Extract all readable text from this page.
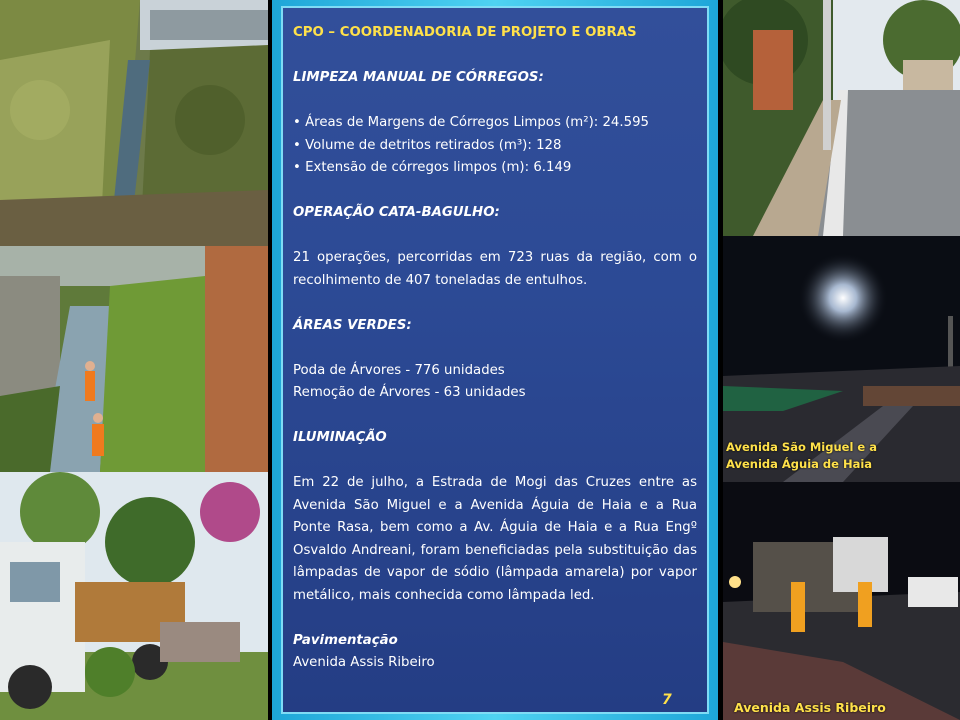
CPO – COORDENADORIA DE PROJETO E OBRAS

LIMPEZA MANUAL DE CÓRREGOS:

• Áreas de Margens de Córregos Limpos (m²): 24.595

• Volume de detritos retirados (m³): 128

• Extensão de córregos limpos (m): 6.149

OPERAÇÃO CATA-BAGULHO:

21 operações, percorridas em 723 ruas da região, com o recolhimento de 407 toneladas de entulhos.

ÁREAS VERDES:

Poda de Árvores - 776 unidades

Remoção de Árvores - 63 unidades

ILUMINAÇÃO

Em 22 de julho, a Estrada de Mogi das Cruzes entre as Avenida São Miguel e a Avenida Águia de Haia e a Rua Ponte Rasa, bem como a Av. Águia de Haia e a Rua Engº Osvaldo Andreani, foram beneficiadas pela substituição das lâmpadas de vapor de sódio (lâmpada amarela) por vapor metálico, mais conhecida como lâmpada led.

Pavimentação

Avenida Assis Ribeiro

7
Avenida São Miguel e a
Avenida Águia de Haia
Avenida Assis Ribeiro
